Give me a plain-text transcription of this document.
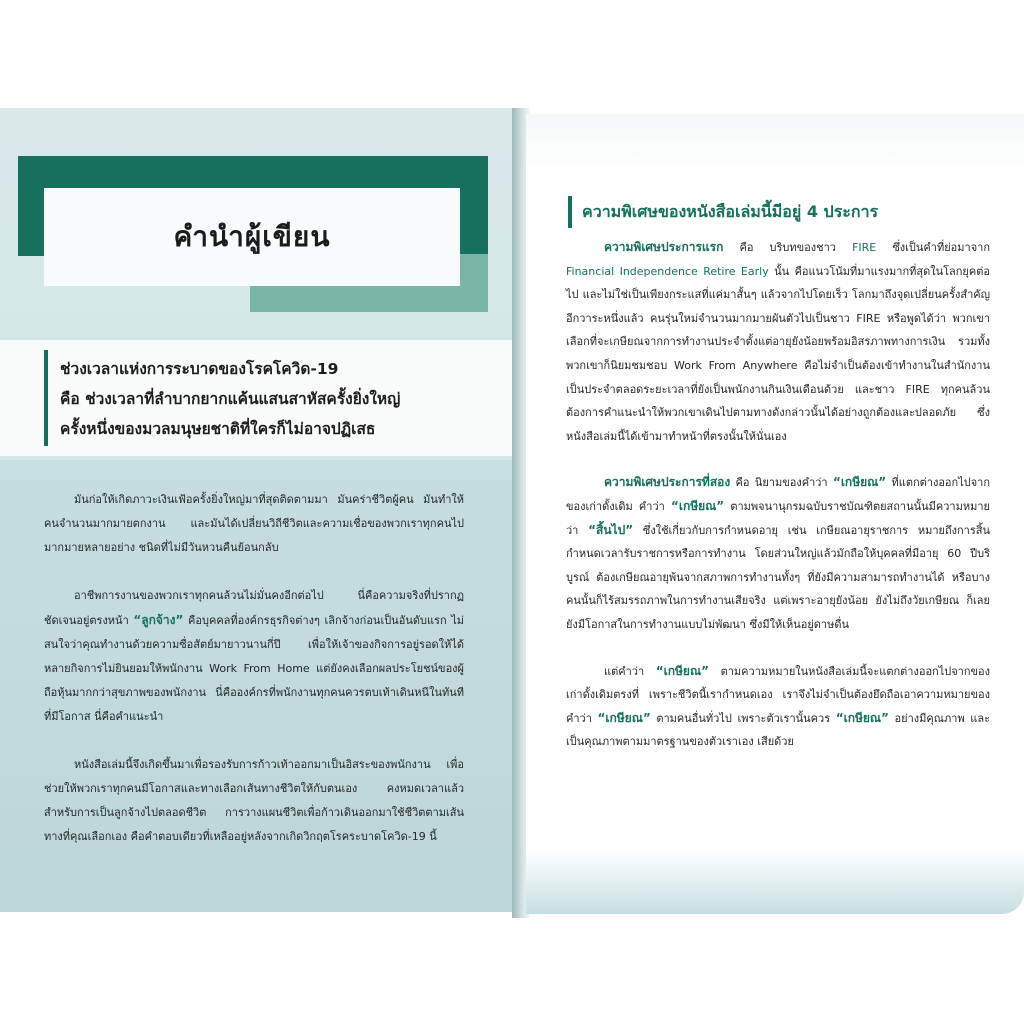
คำนำผู้เขียน
ช่วงเวลาแห่งการระบาดของโรคโควิด-19
คือ ช่วงเวลาที่ลำบากยากแค้นแสนสาหัสครั้งยิ่งใหญ่
ครั้งหนึ่งของมวลมนุษยชาติที่ใครก็ไม่อาจปฏิเสธ

มันก่อให้เกิดภาวะเงินเฟ้อครั้งยิ่งใหญ่มาที่สุดติดตามมา มันคร่าชีวิตผู้คน มันทำให้คนจำนวนมากมายตกงาน และมันได้เปลี่ยนวิถีชีวิตและความเชื่อของพวกเราทุกคนไปมากมายหลายอย่าง ชนิดที่ไม่มีวันหวนคืนย้อนกลับ

อาชีพการงานของพวกเราทุกคนล้วนไม่มั่นคงอีกต่อไป นี่คือความจริงที่ปรากฏชัดเจนอยู่ตรงหน้า “ลูกจ้าง” คือบุคคลที่องค์กรธุรกิจต่างๆ เลิกจ้างก่อนเป็นอันดับแรก ไม่สนใจว่าคุณทำงานด้วยความซื่อสัตย์มายาวนานกี่ปี เพื่อให้เจ้าของกิจการอยู่รอดให้ได้ หลายกิจการไม่ยินยอมให้พนักงาน Work From Home แต่ยังคงเลือกผลประโยชน์ของผู้ถือหุ้นมากกว่าสุขภาพของพนักงาน นี่คือองค์กรที่พนักงานทุกคนควรตบเท้าเดินหนีในทันทีที่มีโอกาส นี่คือคำแนะนำ

หนังสือเล่มนี้จึงเกิดขึ้นมาเพื่อรองรับการก้าวเท้าออกมาเป็นอิสระของพนักงาน เพื่อช่วยให้พวกเราทุกคนมีโอกาสและทางเลือกเส้นทางชีวิตให้กับตนเอง คงหมดเวลาแล้วสำหรับการเป็นลูกจ้างไปตลอดชีวิต การวางแผนชีวิตเพื่อก้าวเดินออกมาใช้ชีวิตตามเส้นทางที่คุณเลือกเอง คือคำตอบเดียวที่เหลืออยู่หลังจากเกิดวิกฤตโรคระบาดโควิด-19 นี้

ความพิเศษของหนังสือเล่มนี้มีอยู่ 4 ประการ

ความพิเศษประการแรก คือ บริบทของชาว FIRE ซึ่งเป็นคำที่ย่อมาจาก Financial Independence Retire Early นั้น คือแนวโน้มที่มาแรงมากที่สุดในโลกยุคต่อไป และไม่ใช่เป็นเพียงกระแสที่แค่มาสั้นๆ แล้วจากไปโดยเร็ว โลกมาถึงจุดเปลี่ยนครั้งสำคัญอีกวาระหนึ่งแล้ว คนรุ่นใหม่จำนวนมากมายผันตัวไปเป็นชาว FIRE หรือพูดได้ว่า พวกเขาเลือกที่จะเกษียณจากการทำงานประจำตั้งแต่อายุยังน้อยพร้อมอิสรภาพทางการเงิน รวมทั้งพวกเขาก็นิยมชมชอบ Work From Anywhere คือไม่จำเป็นต้องเข้าทำงานในสำนักงานเป็นประจำตลอดระยะเวลาที่ยังเป็นพนักงานกินเงินเดือนด้วย และชาว FIRE ทุกคนล้วนต้องการคำแนะนำให้พวกเขาเดินไปตามทางดังกล่าวนั้นได้อย่างถูกต้องและปลอดภัย ซึ่งหนังสือเล่มนี้ได้เข้ามาทำหน้าที่ตรงนั้นให้นั่นเอง

ความพิเศษประการที่สอง คือ นิยามของคำว่า “เกษียณ” ที่แตกต่างออกไปจากของเก่าดั้งเดิม คำว่า “เกษียณ” ตามพจนานุกรมฉบับราชบัณฑิตยสถานนั้นมีความหมายว่า “สิ้นไป” ซึ่งใช้เกี่ยวกับการกำหนดอายุ เช่น เกษียณอายุราชการ หมายถึงการสิ้นกำหนดเวลารับราชการหรือการทำงาน โดยส่วนใหญ่แล้วมักถือให้บุคคลที่มีอายุ 60 ปีบริบูรณ์ ต้องเกษียณอายุพ้นจากสภาพการทำงานทั้งๆ ที่ยังมีความสามารถทำงานได้ หรือบางคนนั้นก็ไร้สมรรถภาพในการทำงานเสียจริง แต่เพราะอายุยังน้อย ยังไม่ถึงวัยเกษียณ ก็เลยยังมีโอกาสในการทำงานแบบไม่พัฒนา ซึ่งมีให้เห็นอยู่ดาษดื่น

แต่คำว่า “เกษียณ” ตามความหมายในหนังสือเล่มนี้จะแตกต่างออกไปจากของเก่าดั้งเดิมตรงที่ เพราะชีวิตนี้เรากำหนดเอง เราจึงไม่จำเป็นต้องยึดถือเอาความหมายของคำว่า “เกษียณ” ตามคนอื่นทั่วไป เพราะตัวเรานั้นควร “เกษียณ” อย่างมีคุณภาพ และเป็นคุณภาพตามมาตรฐานของตัวเราเอง เสียด้วย
